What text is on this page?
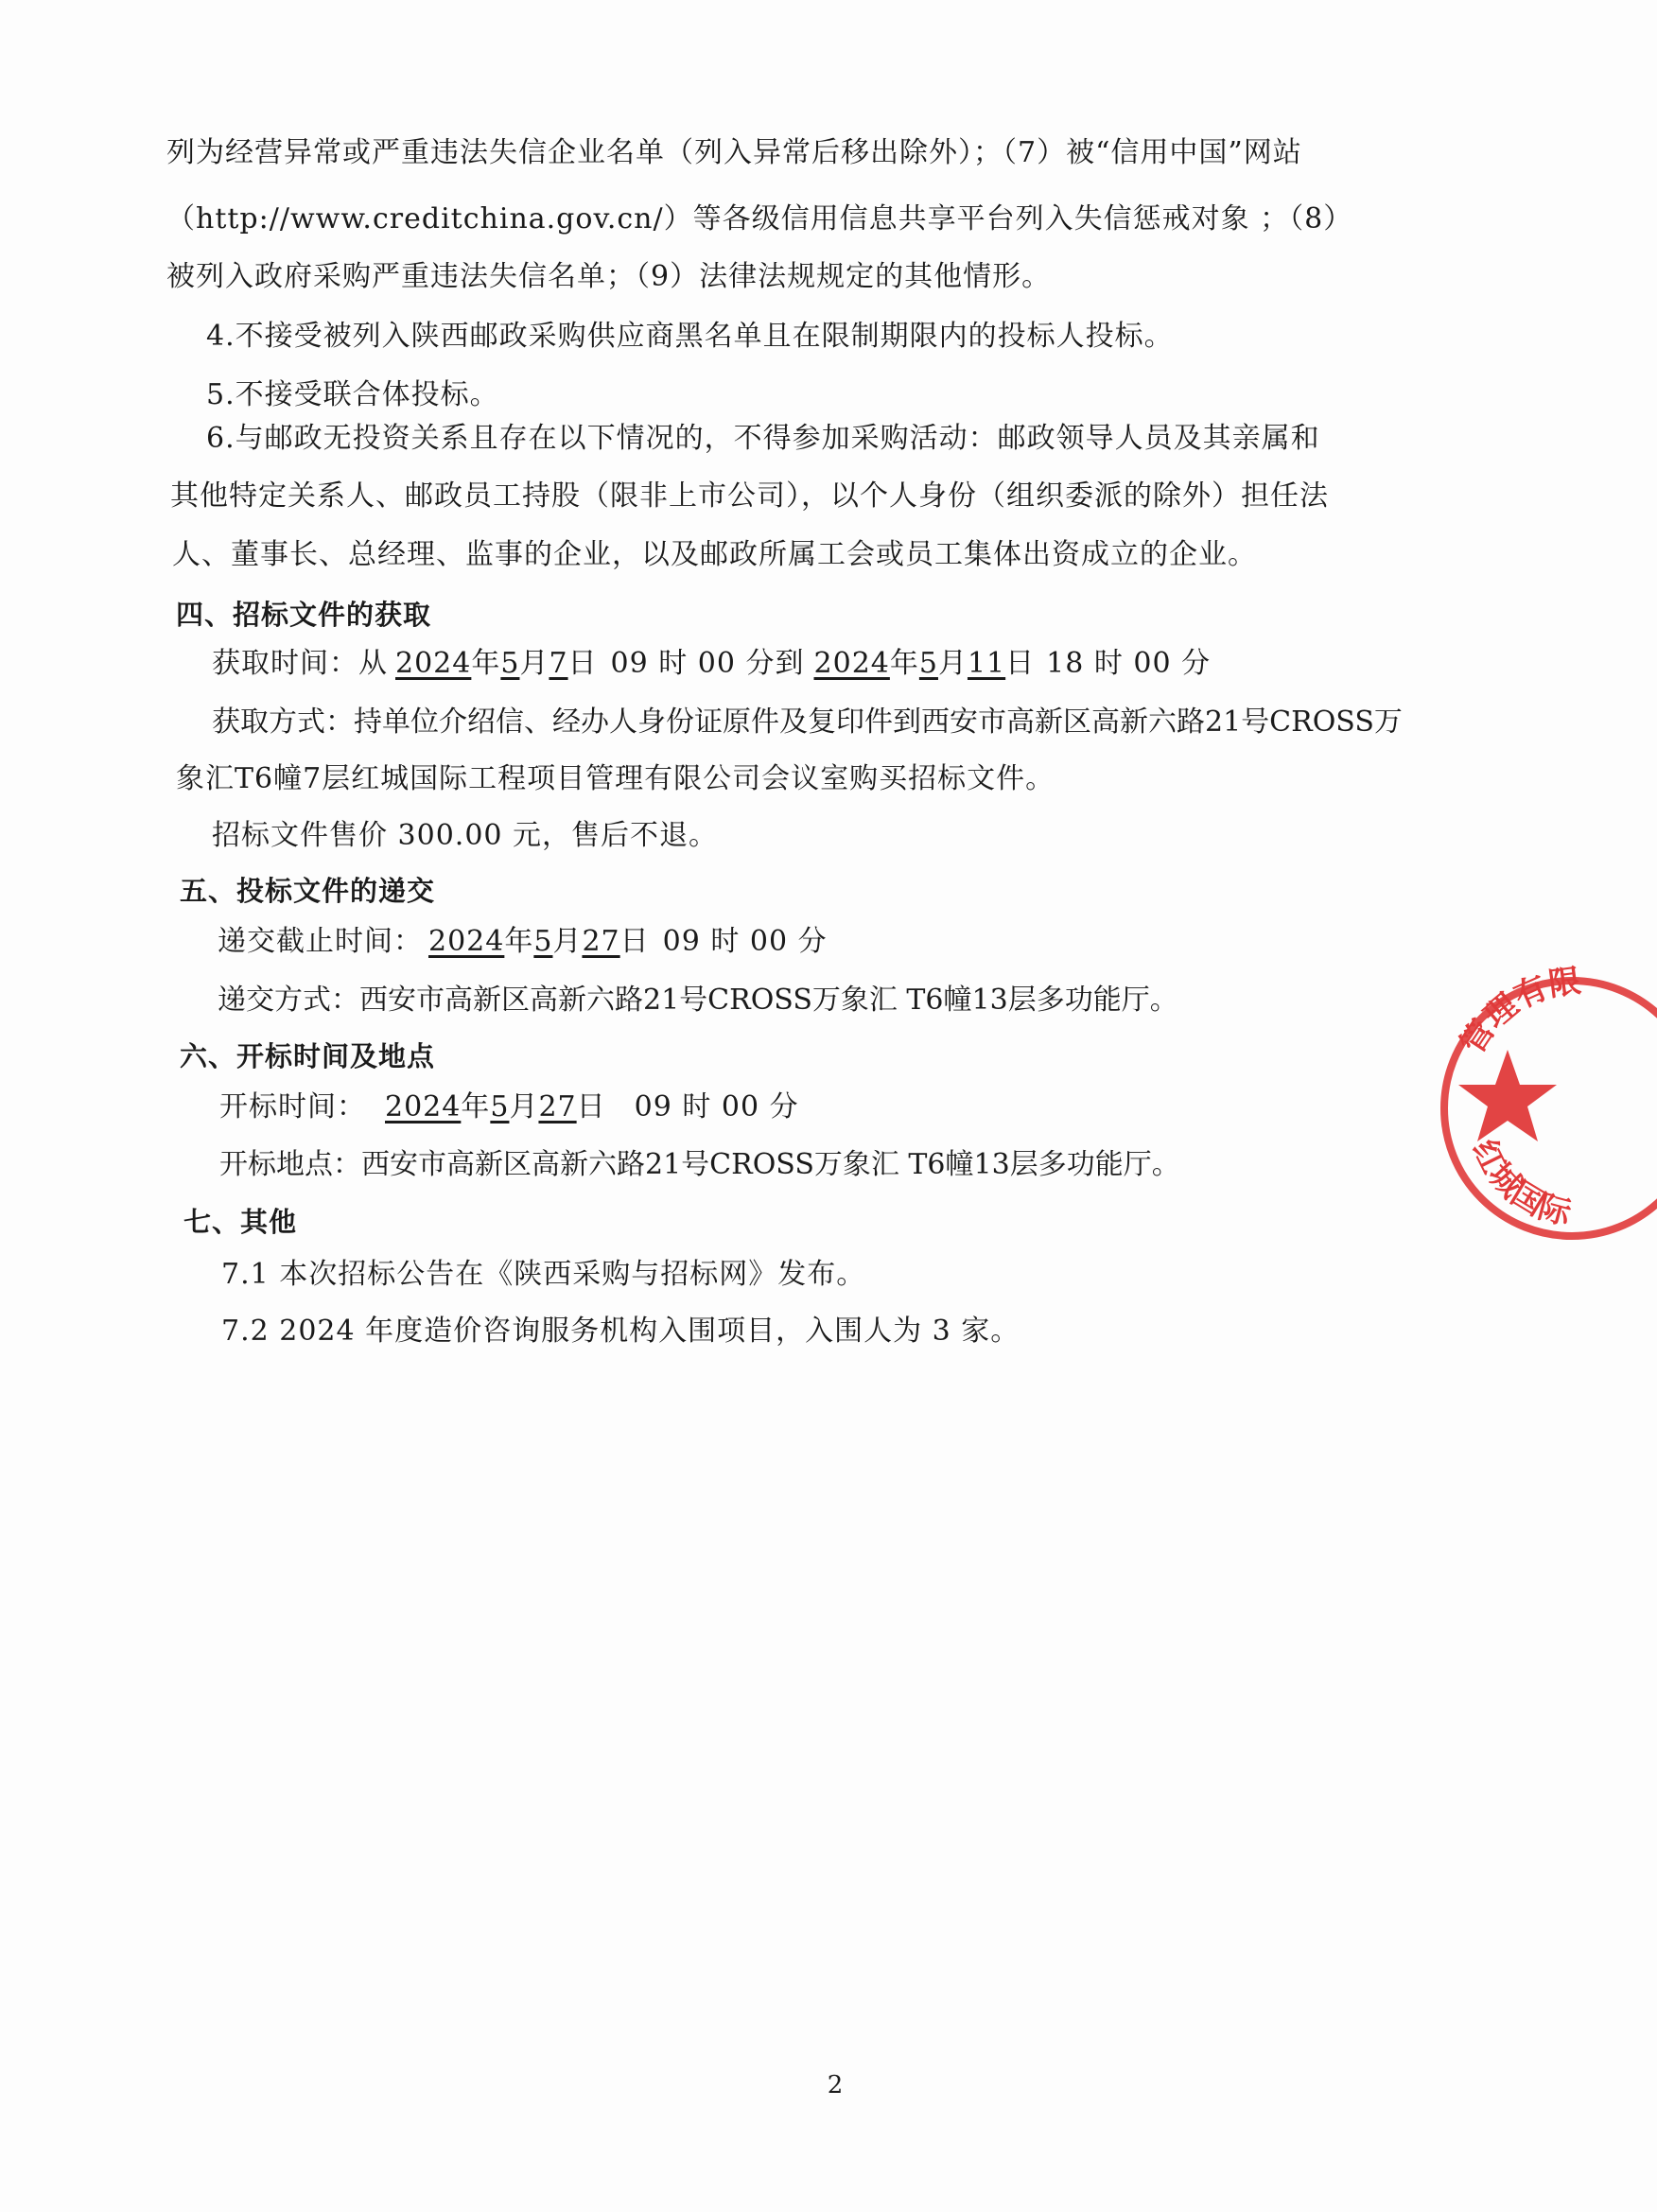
列为经营异常或严重违法失信企业名单（列入异常后移出除外）；（7）被“信用中国”网站
（http://www.creditchina.gov.cn/）等各级信用信息共享平台列入失信惩戒对象 ；（8）
被列入政府采购严重违法失信名单；（9）法律法规规定的其他情形。
4.不接受被列入陕西邮政采购供应商黑名单且在限制期限内的投标人投标。
5.不接受联合体投标。
6.与邮政无投资关系且存在以下情况的，不得参加采购活动：邮政领导人员及其亲属和
其他特定关系人、邮政员工持股（限非上市公司），以个人身份（组织委派的除外）担任法
人、董事长、总经理、监事的企业，以及邮政所属工会或员工集体出资成立的企业。
四、招标文件的获取
获取时间：从 2024年5月7日 09 时 00 分到 2024年5月11日 18 时 00 分
获取方式：持单位介绍信、经办人身份证原件及复印件到西安市高新区高新六路21号CROSS万
象汇T6幢7层红城国际工程项目管理有限公司会议室购买招标文件。
招标文件售价 300.00 元，售后不退。
五、投标文件的递交
递交截止时间： 2024年5月27日 09 时 00 分
递交方式：西安市高新区高新六路21号CROSS万象汇 T6幢13层多功能厅。
六、开标时间及地点
开标时间： 2024年5月27日 09 时 00 分
开标地点：西安市高新区高新六路21号CROSS万象汇 T6幢13层多功能厅。
七、其他
7.1 本次招标公告在《陕西采购与招标网》发布。
7.2 2024 年度造价咨询服务机构入围项目，入围人为 3 家。
2
管理有限
红城国际
